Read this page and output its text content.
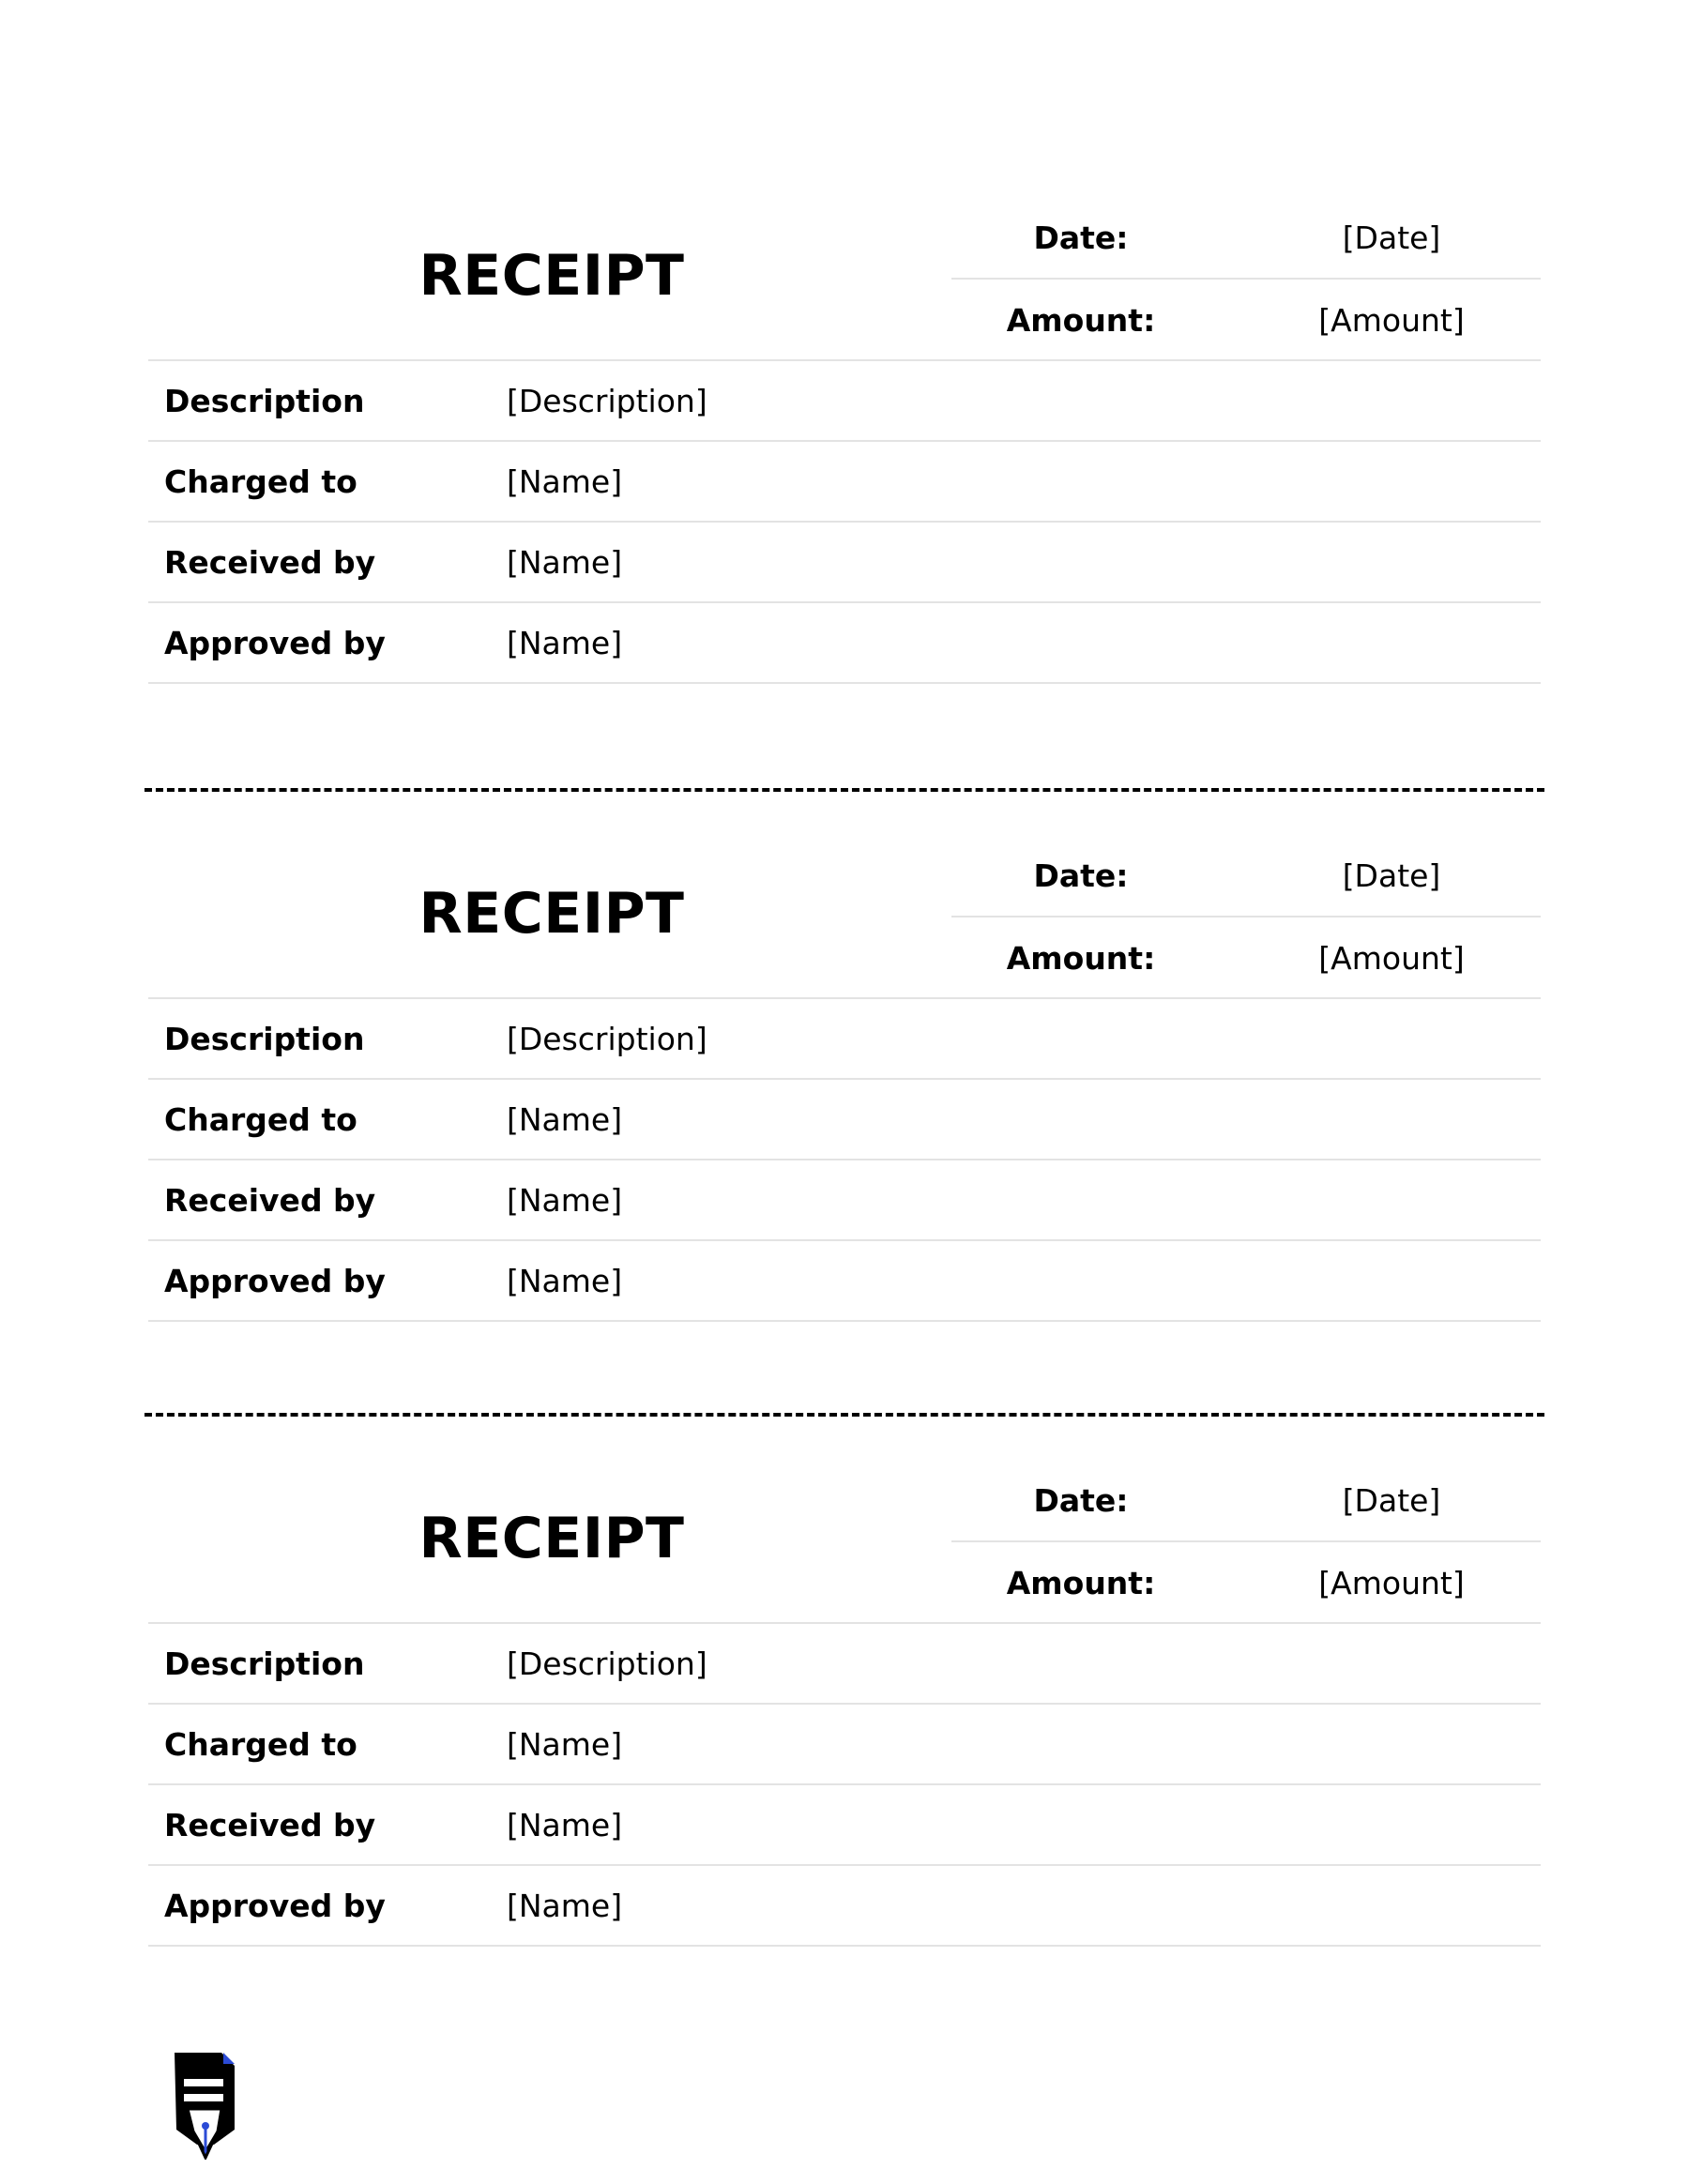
RECEIPT
Date:	[Date]
Amount:	[Amount]
Description	[Description]
Charged to	[Name]
Received by	[Name]
Approved by	[Name]
RECEIPT
Date:	[Date]
Amount:	[Amount]
Description	[Description]
Charged to	[Name]
Received by	[Name]
Approved by	[Name]
RECEIPT
Date:	[Date]
Amount:	[Amount]
Description	[Description]
Charged to	[Name]
Received by	[Name]
Approved by	[Name]
